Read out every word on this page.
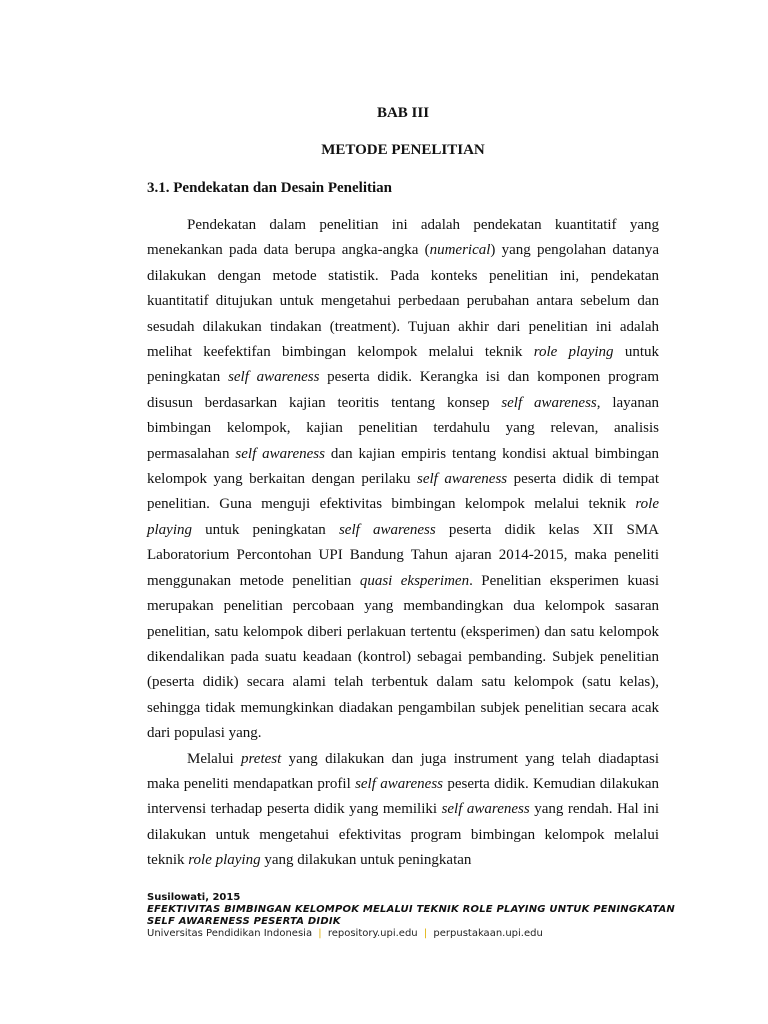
BAB III
METODE PENELITIAN
3.1. Pendekatan dan Desain Penelitian

Pendekatan dalam penelitian ini adalah pendekatan kuantitatif yang menekankan pada data berupa angka-angka (numerical) yang pengolahan datanya dilakukan dengan metode statistik. Pada konteks penelitian ini, pendekatan kuantitatif ditujukan untuk mengetahui perbedaan perubahan antara sebelum dan sesudah dilakukan tindakan (treatment). Tujuan akhir dari penelitian ini adalah melihat keefektifan bimbingan kelompok melalui teknik role playing untuk peningkatan self awareness peserta didik. Kerangka isi dan komponen program disusun berdasarkan kajian teoritis tentang konsep self awareness, layanan bimbingan kelompok, kajian penelitian terdahulu yang relevan, analisis permasalahan self awareness dan kajian empiris tentang kondisi aktual bimbingan kelompok yang berkaitan dengan perilaku self awareness peserta didik di tempat penelitian. Guna menguji efektivitas bimbingan kelompok melalui teknik role playing untuk peningkatan self awareness peserta didik kelas XII SMA Laboratorium Percontohan UPI Bandung Tahun ajaran 2014-2015, maka peneliti menggunakan metode penelitian quasi eksperimen. Penelitian eksperimen kuasi merupakan penelitian percobaan yang membandingkan dua kelompok sasaran penelitian, satu kelompok diberi perlakuan tertentu (eksperimen) dan satu kelompok dikendalikan pada suatu keadaan (kontrol) sebagai pembanding. Subjek penelitian (peserta didik) secara alami telah terbentuk dalam satu kelompok (satu kelas), sehingga tidak memungkinkan diadakan pengambilan subjek penelitian secara acak dari populasi yang.

Melalui pretest yang dilakukan dan juga instrument yang telah diadaptasi maka peneliti mendapatkan profil self awareness peserta didik. Kemudian dilakukan intervensi terhadap peserta didik yang memiliki self awareness yang rendah. Hal ini dilakukan untuk mengetahui efektivitas program bimbingan kelompok melalui teknik role playing yang dilakukan untuk peningkatan

Susilowati, 2015
EFEKTIVITAS BIMBINGAN KELOMPOK MELALUI TEKNIK ROLE PLAYING UNTUK PENINGKATAN
SELF AWARENESS PESERTA DIDIK
Universitas Pendidikan Indonesia | repository.upi.edu | perpustakaan.upi.edu
